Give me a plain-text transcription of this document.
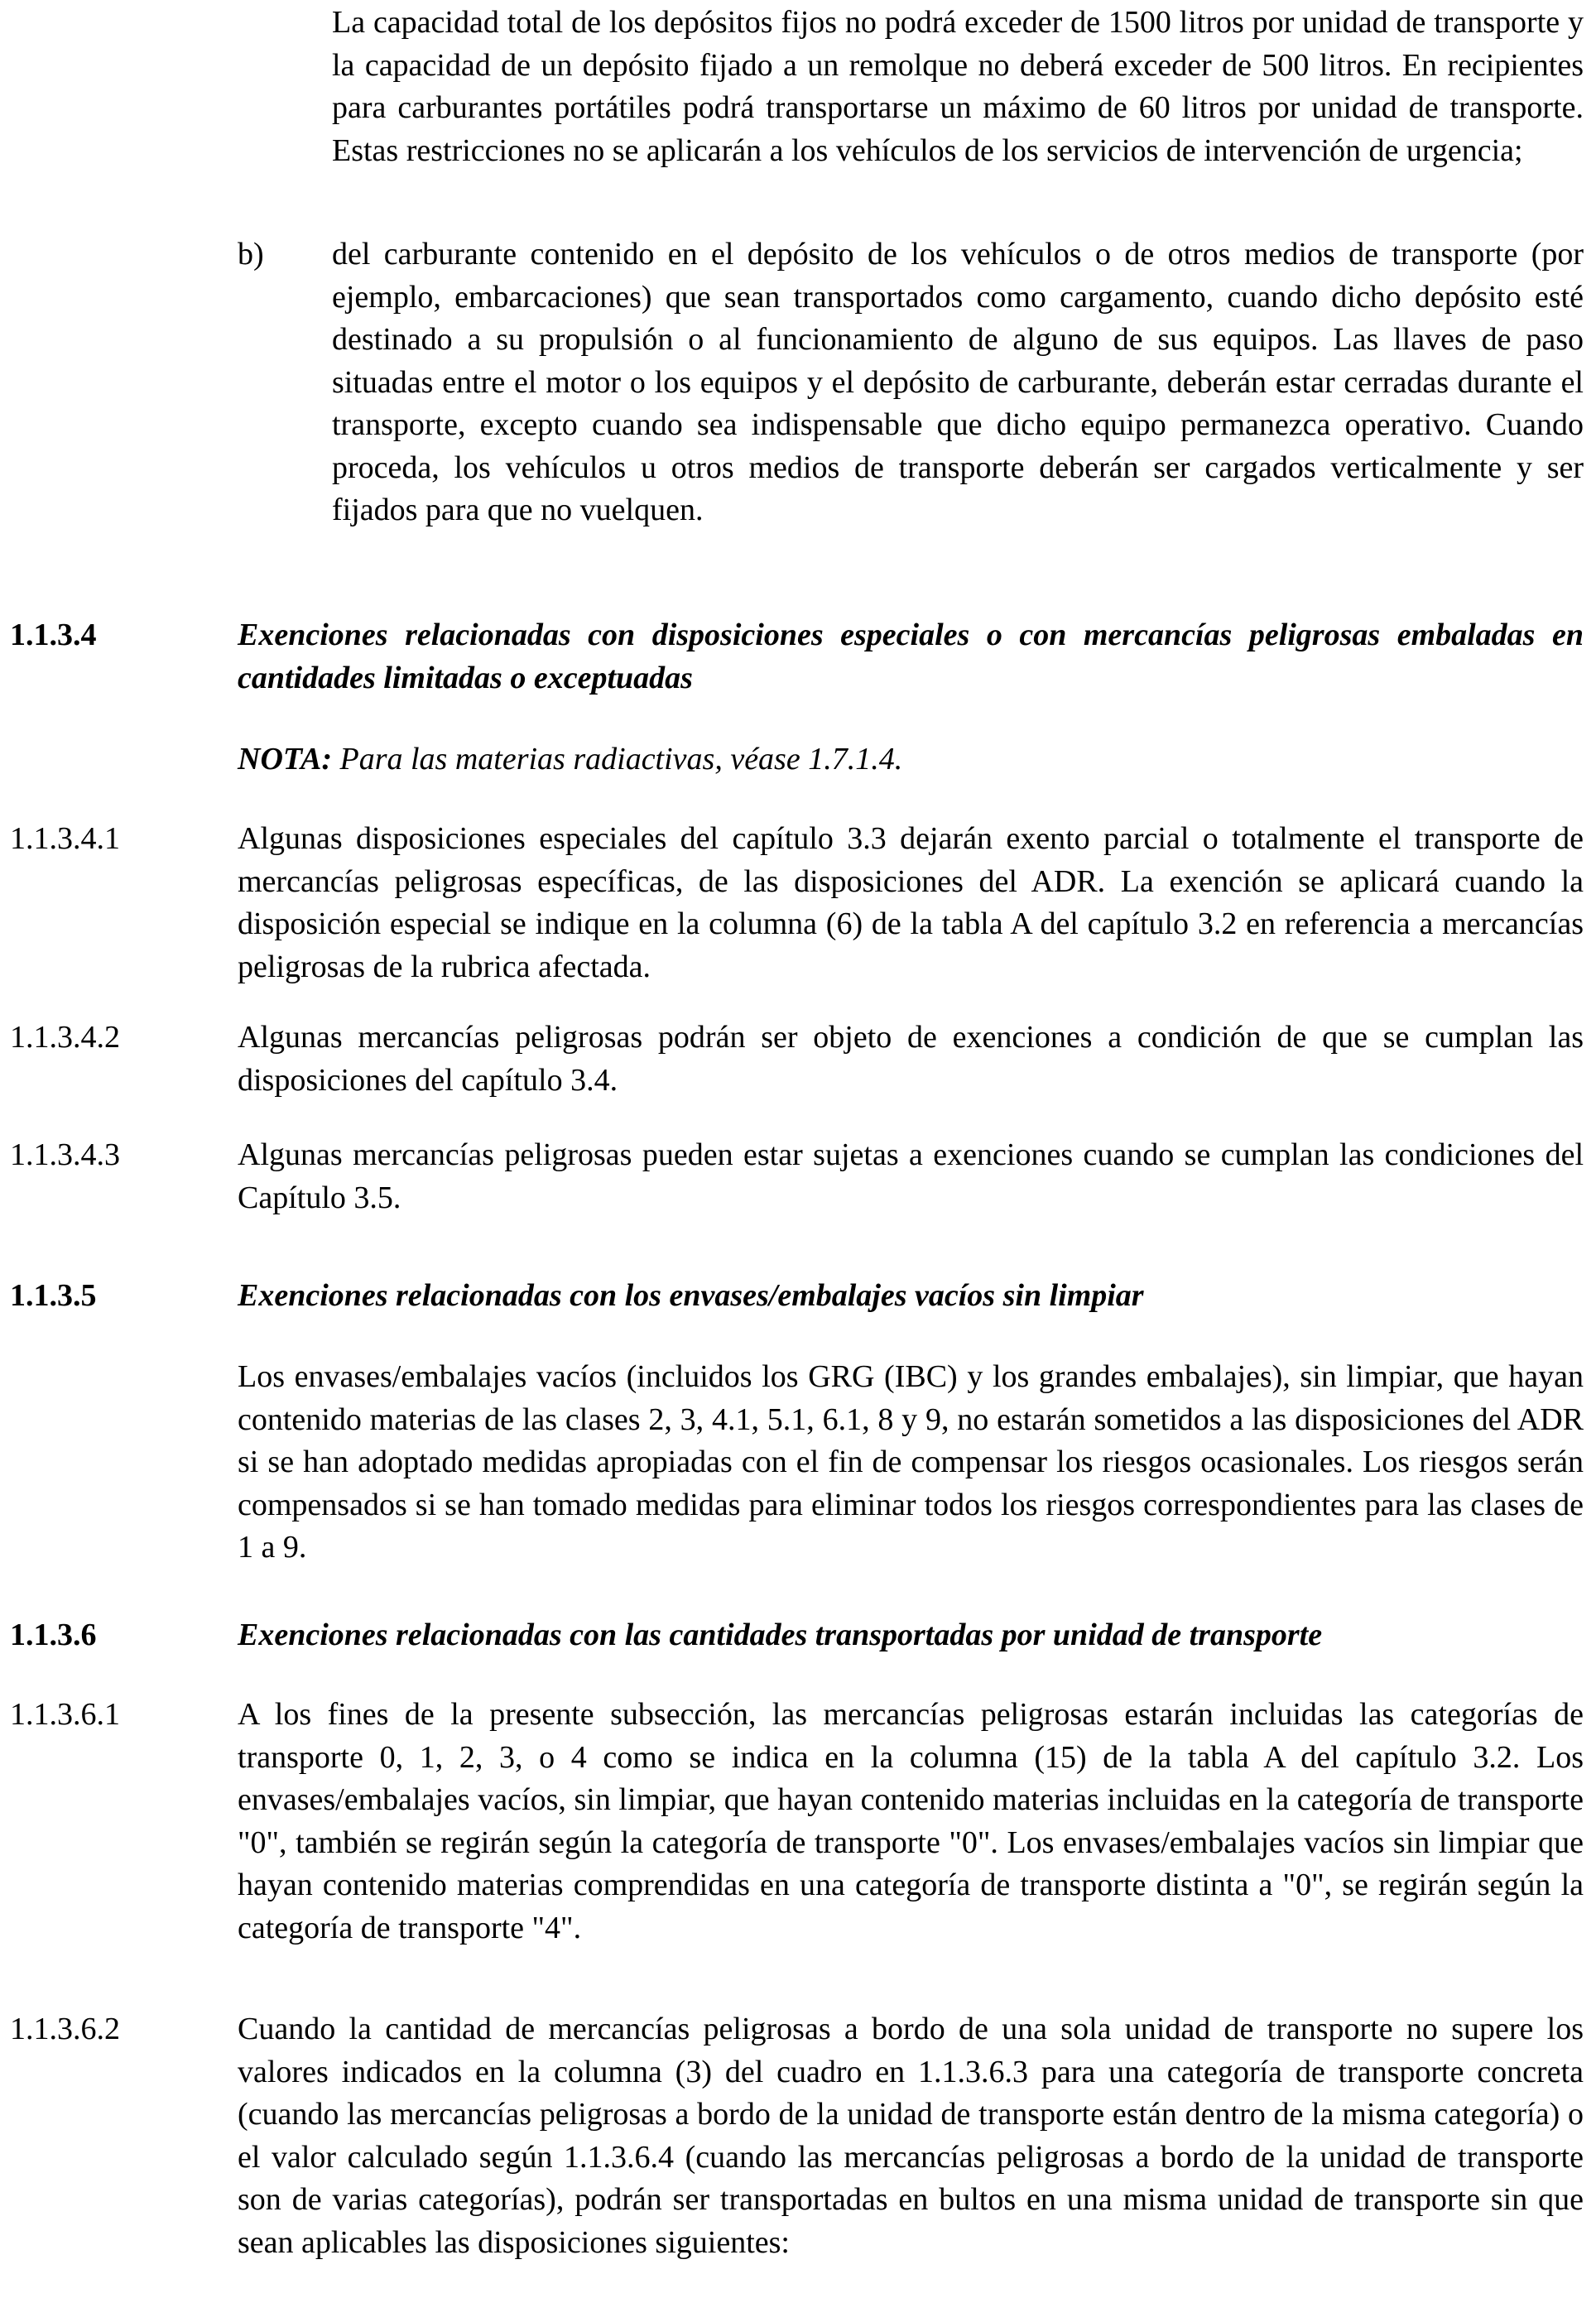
La capacidad total de los depósitos fijos no podrá exceder de 1500 litros por unidad de transporte y la capacidad de un depósito fijado a un remolque no deberá exceder de 500 litros. En recipientes para carburantes portátiles podrá transportarse un máximo de 60 litros por unidad de transporte. Estas restricciones no se aplicarán a los vehículos de los servicios de intervención de urgencia;

b) del carburante contenido en el depósito de los vehículos o de otros medios de transporte (por ejemplo, embarcaciones) que sean transportados como cargamento, cuando dicho depósito esté destinado a su propulsión o al funcionamiento de alguno de sus equipos. Las llaves de paso situadas entre el motor o los equipos y el depósito de carburante, deberán estar cerradas durante el transporte, excepto cuando sea indispensable que dicho equipo permanezca operativo. Cuando proceda, los vehículos u otros medios de transporte deberán ser cargados verticalmente y ser fijados para que no vuelquen.

1.1.3.4	Exenciones relacionadas con disposiciones especiales o con mercancías peligrosas embaladas en cantidades limitadas o exceptuadas

NOTA: Para las materias radiactivas, véase 1.7.1.4.

1.1.3.4.1	Algunas disposiciones especiales del capítulo 3.3 dejarán exento parcial o totalmente el transporte de mercancías peligrosas específicas, de las disposiciones del ADR. La exención se aplicará cuando la disposición especial se indique en la columna (6) de la tabla A del capítulo 3.2 en referencia a mercancías peligrosas de la rubrica afectada.

1.1.3.4.2	Algunas mercancías peligrosas podrán ser objeto de exenciones a condición de que se cumplan las disposiciones del capítulo 3.4.

1.1.3.4.3	Algunas mercancías peligrosas pueden estar sujetas a exenciones cuando se cumplan las condiciones del Capítulo 3.5.

1.1.3.5	Exenciones relacionadas con los envases/embalajes vacíos sin limpiar

Los envases/embalajes vacíos (incluidos los GRG (IBC) y los grandes embalajes), sin limpiar, que hayan contenido materias de las clases 2, 3, 4.1, 5.1, 6.1, 8 y 9, no estarán sometidos a las disposiciones del ADR si se han adoptado medidas apropiadas con el fin de compensar los riesgos ocasionales. Los riesgos serán compensados si se han tomado medidas para eliminar todos los riesgos correspondientes para las clases de 1 a 9.

1.1.3.6	Exenciones relacionadas con las cantidades transportadas por unidad de transporte

1.1.3.6.1	A los fines de la presente subsección, las mercancías peligrosas estarán incluidas las categorías de transporte 0, 1, 2, 3, o 4 como se indica en la columna (15) de la tabla A del capítulo 3.2. Los envases/embalajes vacíos, sin limpiar, que hayan contenido materias incluidas en la categoría de transporte "0", también se regirán según la categoría de transporte "0". Los envases/embalajes vacíos sin limpiar que hayan contenido materias comprendidas en una categoría de transporte distinta a "0", se regirán según la categoría de transporte "4".

1.1.3.6.2	Cuando la cantidad de mercancías peligrosas a bordo de una sola unidad de transporte no supere los valores indicados en la columna (3) del cuadro en 1.1.3.6.3 para una categoría de transporte concreta (cuando las mercancías peligrosas a bordo de la unidad de transporte están dentro de la misma categoría) o el valor calculado según 1.1.3.6.4 (cuando las mercancías peligrosas a bordo de la unidad de transporte son de varias categorías), podrán ser transportadas en bultos en una misma unidad de transporte sin que sean aplicables las disposiciones siguientes:
